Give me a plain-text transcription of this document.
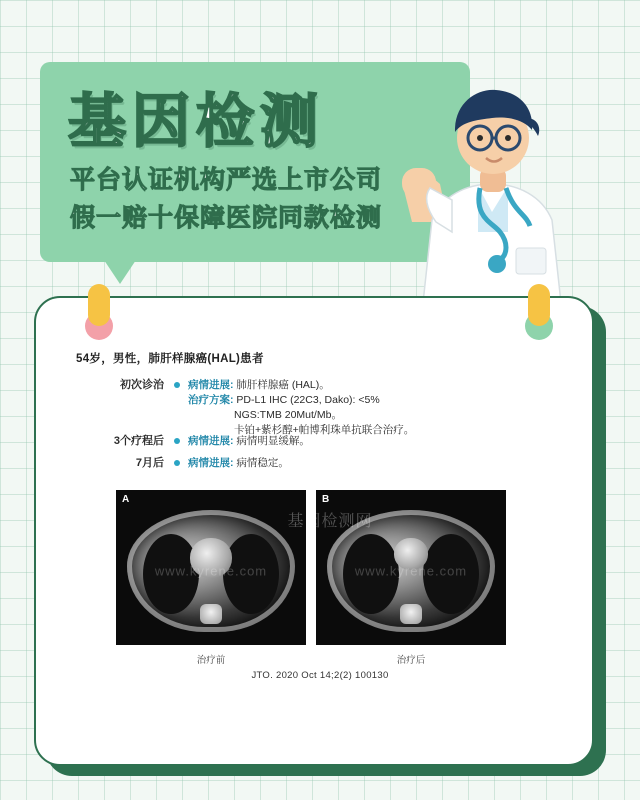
基因检测
平台认证机构严选上市公司
假一赔十保障医院同款检测
54岁，男性，肺肝样腺癌(HAL)患者
初次诊治	病情进展: 肺肝样腺癌 (HAL)。
治疗方案: PD-L1 IHC (22C3, Dako): <5%
NGS:TMB 20Mut/Mb。
卡铂+紫杉醇+帕博利珠单抗联合治疗。
3个疗程后	病情进展: 病情明显缓解。
7月后	病情进展: 病情稳定。
A
www.kyrene.com
B
www.kyrene.com
基因检测网
治疗前	治疗后
JTO. 2020 Oct 14;2(2) 100130
